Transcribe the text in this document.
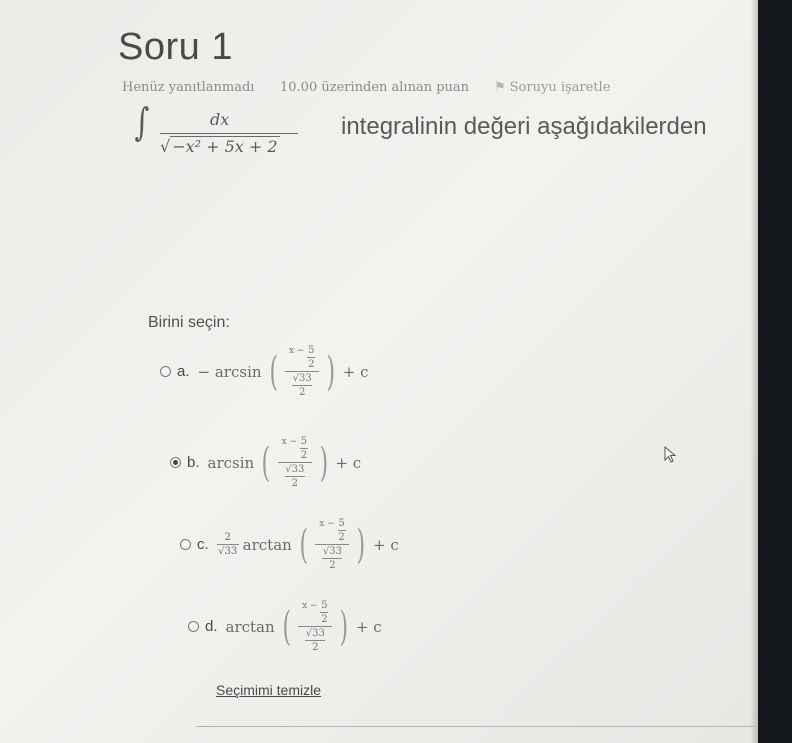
Soru 1
Henüz yanıtlanmadı 10.00 üzerinden alınan puan ⚑ Soruyu işaretle
∫	dx
√ −x² + 5x + 2
integralinin değeri aşağıdakilerden
Birini seçin:
a. − arcsin ( $x - \frac{5}{2}$
$\frac{√33}{2}$ ) + c
b. arcsin ( $x - \frac{5}{2}$
$\frac{√33}{2}$ ) + c
c. $\frac{2}{√33}$ arctan ( $x - \frac{5}{2}$
$\frac{√33}{2}$ ) + c
d. arctan ( $x - \frac{5}{2}$
$\frac{√33}{2}$ ) + c
Seçimimi temizle
